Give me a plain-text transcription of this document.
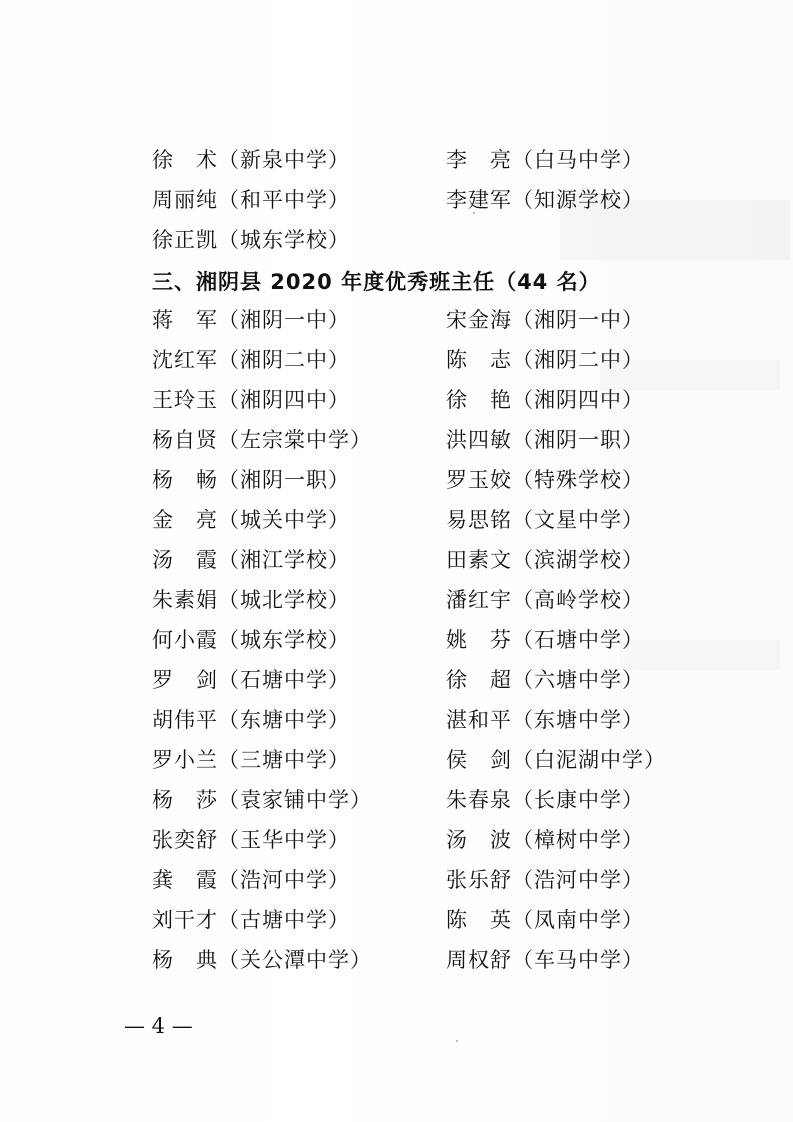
徐　术（新泉中学）	李　亮（白马中学）
周丽纯（和平中学）	李建军（知源学校）
徐正凯（城东学校）
三、湘阴县 2020 年度优秀班主任（44 名）
蒋　军（湘阴一中）	宋金海（湘阴一中）
沈红军（湘阴二中）	陈　志（湘阴二中）
王玲玉（湘阴四中）	徐　艳（湘阴四中）
杨自贤（左宗棠中学）	洪四敏（湘阴一职）
杨　畅（湘阴一职）	罗玉姣（特殊学校）
金　亮（城关中学）	易思铭（文星中学）
汤　霞（湘江学校）	田素文（滨湖学校）
朱素娟（城北学校）	潘红宇（高岭学校）
何小霞（城东学校）	姚　芬（石塘中学）
罗　剑（石塘中学）	徐　超（六塘中学）
胡伟平（东塘中学）	湛和平（东塘中学）
罗小兰（三塘中学）	侯　剑（白泥湖中学）
杨　莎（袁家铺中学）	朱春泉（长康中学）
张奕舒（玉华中学）	汤　波（樟树中学）
龚　霞（浩河中学）	张乐舒（浩河中学）
刘干才（古塘中学）	陈　英（凤南中学）
杨　典（关公潭中学）	周权舒（车马中学）
— 4 —
